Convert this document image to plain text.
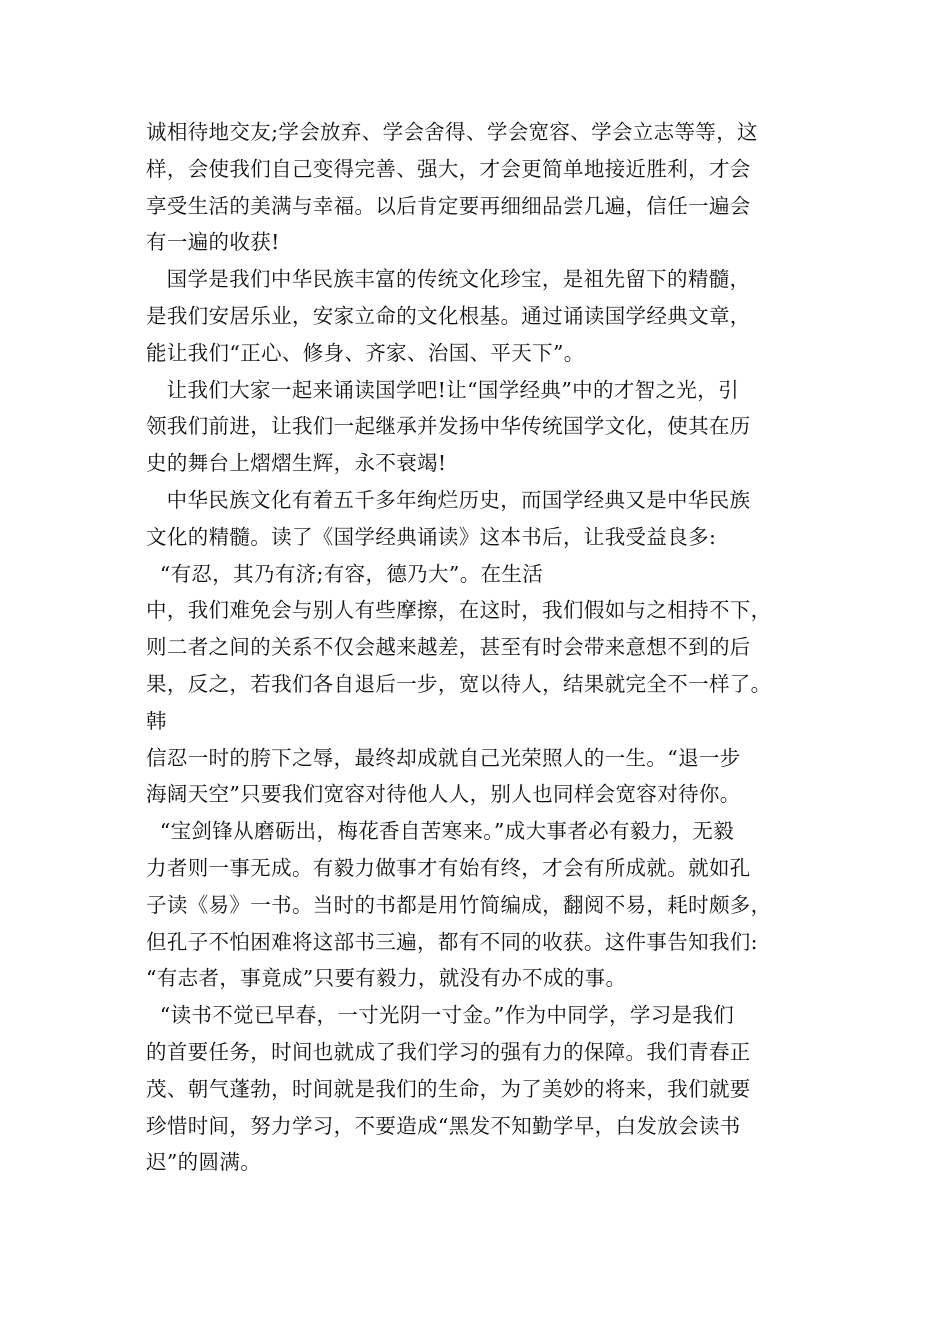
诚相待地交友;学会放弃、学会舍得、学会宽容、学会立志等等，这
样，会使我们自己变得完善、强大，才会更简单地接近胜利，才会
享受生活的美满与幸福。以后肯定要再细细品尝几遍，信任一遍会
有一遍的收获!
国学是我们中华民族丰富的传统文化珍宝，是祖先留下的精髓，
是我们安居乐业，安家立命的文化根基。通过诵读国学经典文章，
能让我们“正心、修身、齐家、治国、平天下”。
让我们大家一起来诵读国学吧!让“国学经典”中的才智之光，引
领我们前进，让我们一起继承并发扬中华传统国学文化，使其在历
史的舞台上熠熠生辉，永不衰竭!
中华民族文化有着五千多年绚烂历史，而国学经典又是中华民族
文化的精髓。读了《国学经典诵读》这本书后，让我受益良多:
“有忍，其乃有济;有容，德乃大”。在生活
中，我们难免会与别人有些摩擦，在这时，我们假如与之相持不下，
则二者之间的关系不仅会越来越差，甚至有时会带来意想不到的后
果，反之，若我们各自退后一步，宽以待人，结果就完全不一样了。
韩
信忍一时的胯下之辱，最终却成就自己光荣照人的一生。“退一步
海阔天空”只要我们宽容对待他人人，别人也同样会宽容对待你。
“宝剑锋从磨砺出，梅花香自苦寒来。”成大事者必有毅力，无毅
力者则一事无成。有毅力做事才有始有终，才会有所成就。就如孔
子读《易》一书。当时的书都是用竹简编成，翻阅不易，耗时颇多，
但孔子不怕困难将这部书三遍，都有不同的收获。这件事告知我们:
“有志者，事竟成”只要有毅力，就没有办不成的事。
“读书不觉已早春，一寸光阴一寸金。”作为中同学，学习是我们
的首要任务，时间也就成了我们学习的强有力的保障。我们青春正
茂、朝气蓬勃，时间就是我们的生命，为了美妙的将来，我们就要
珍惜时间，努力学习，不要造成“黑发不知勤学早，白发放会读书
迟”的圆满。
